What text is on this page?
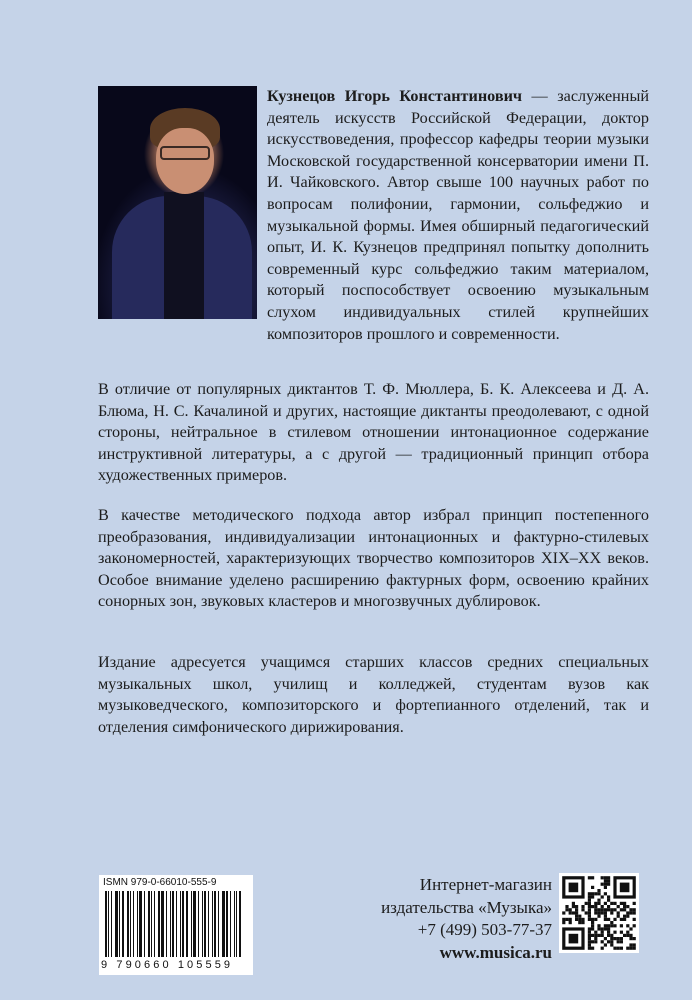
Кузнецов Игорь Константинович — заслуженный деятель искусств Российской Федерации, доктор искусствоведения, профессор кафедры теории музыки Московской государственной консерватории имени П. И. Чайковского. Автор свыше 100 научных работ по вопросам полифонии, гармонии, сольфеджио и музыкальной формы. Имея обширный педагогический опыт, И. К. Кузнецов предпринял попытку дополнить современный курс сольфеджио таким материалом, который поспособствует освоению музыкальным слухом индивидуальных стилей крупнейших композиторов прошлого и современности.

В отличие от популярных диктантов Т. Ф. Мюллера, Б. К. Алексеева и Д. А. Блюма, Н. С. Качалиной и других, настоящие диктанты преодолевают, с одной стороны, нейтральное в стилевом отношении интонационное содержание инструктивной литературы, а с другой — традиционный принцип отбора художественных примеров.

В качестве методического подхода автор избрал принцип постепенного преобразования, индивидуализации интонационных и фактурно-стилевых закономерностей, характеризующих творчество композиторов XIX–XX веков. Особое внимание уделено расширению фактурных форм, освоению крайних сонорных зон, звуковых кластеров и многозвучных дублировок.

Издание адресуется учащимся старших классов средних специальных музыкальных школ, училищ и колледжей, студентам вузов как музыковедческого, композиторского и фортепианного отделений, так и отделения симфонического дирижирования.

ISMN 979-0-66010-555-9
9 790660 105559
Интернет-магазин
издательства «Музыка»
+7 (499) 503-77-37
www.musica.ru
